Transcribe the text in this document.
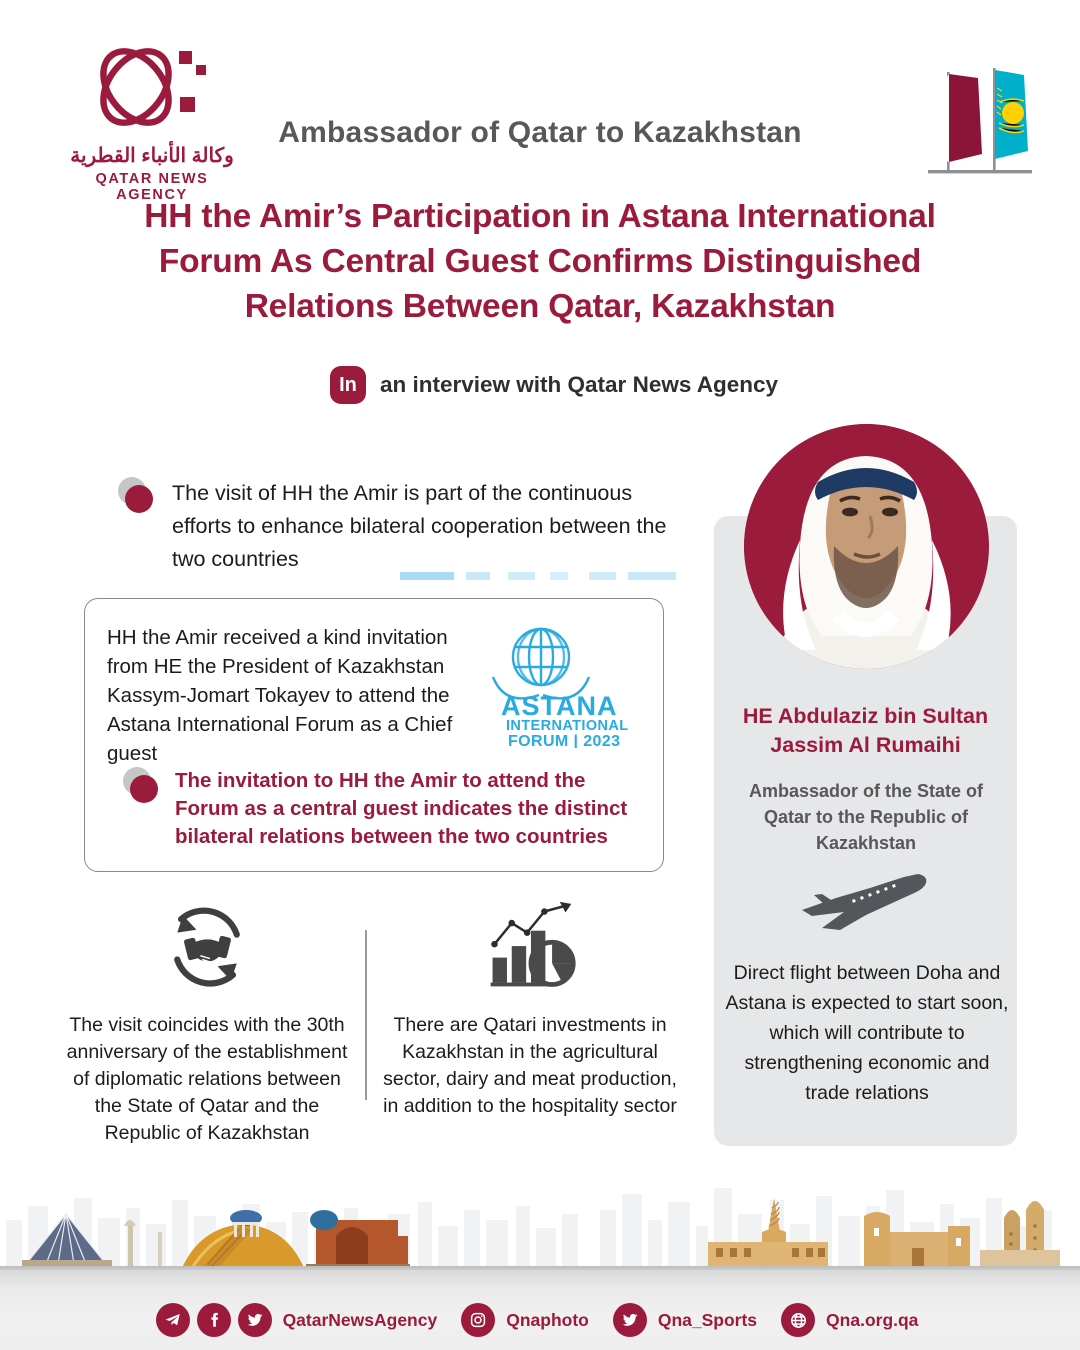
وكالة الأنباء القطرية
QATAR NEWS AGENCY
Ambassador of Qatar to Kazakhstan
HH the Amir’s Participation in Astana International Forum As Central Guest Confirms Distinguished Relations Between Qatar, Kazakhstan
In	an interview with Qatar News Agency
The visit of HH the Amir is part of the continuous efforts to enhance bilateral cooperation between the two countries
HH the Amir received a kind invitation from HE the President of Kazakhstan Kassym-Jomart Tokayev to attend the Astana International Forum as a Chief guest
ASTANA
INTERNATIONAL
FORUM | 2023
The invitation to HH the Amir to attend the Forum as a central guest indicates the distinct bilateral relations between the two countries
HE Abdulaziz bin Sultan Jassim Al Rumaihi
Ambassador of the State of Qatar to the Republic of Kazakhstan
Direct flight between Doha and Astana is expected to start soon, which will contribute to strengthening economic and trade relations
The visit coincides with the 30th anniversary of the establishment of diplomatic relations between the State of Qatar and the Republic of Kazakhstan
There are Qatari investments in Kazakhstan in the agricultural sector, dairy and meat production, in addition to the hospitality sector
QatarNewsAgency	Qnaphoto	Qna_Sports	Qna.org.qa
